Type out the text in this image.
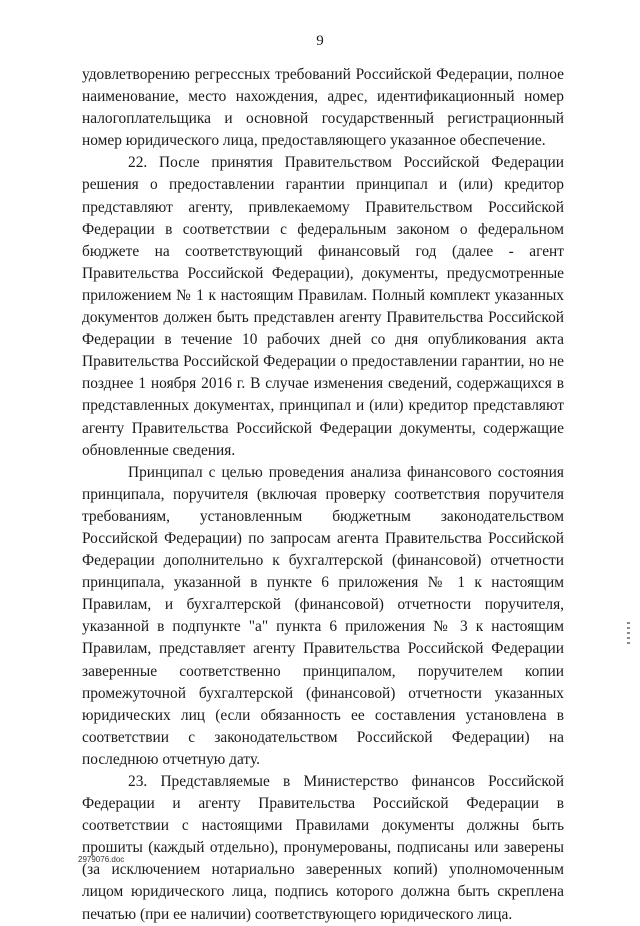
9

удовлетворению регрессных требований Российской Федерации, полное наименование, место нахождения, адрес, идентификационный номер налогоплательщика и основной государственный регистрационный номер юридического лица, предоставляющего указанное обеспечение.

22. После принятия Правительством Российской Федерации решения о предоставлении гарантии принципал и (или) кредитор представляют агенту, привлекаемому Правительством Российской Федерации в соответствии с федеральным законом о федеральном бюджете на соответствующий финансовый год (далее - агент Правительства Российской Федерации), документы, предусмотренные приложением № 1 к настоящим Правилам. Полный комплект указанных документов должен быть представлен агенту Правительства Российской Федерации в течение 10 рабочих дней со дня опубликования акта Правительства Российской Федерации о предоставлении гарантии, но не позднее 1 ноября 2016 г. В случае изменения сведений, содержащихся в представленных документах, принципал и (или) кредитор представляют агенту Правительства Российской Федерации документы, содержащие обновленные сведения.

Принципал с целью проведения анализа финансового состояния принципала, поручителя (включая проверку соответствия поручителя требованиям, установленным бюджетным законодательством Российской Федерации) по запросам агента Правительства Российской Федерации дополнительно к бухгалтерской (финансовой) отчетности принципала, указанной в пункте 6 приложения № 1 к настоящим Правилам, и бухгалтерской (финансовой) отчетности поручителя, указанной в подпункте "а" пункта 6 приложения № 3 к настоящим Правилам, представляет агенту Правительства Российской Федерации заверенные соответственно принципалом, поручителем копии промежуточной бухгалтерской (финансовой) отчетности указанных юридических лиц (если обязанность ее составления установлена в соответствии с законодательством Российской Федерации) на последнюю отчетную дату.

23. Представляемые в Министерство финансов Российской Федерации и агенту Правительства Российской Федерации в соответствии с настоящими Правилами документы должны быть прошиты (каждый отдельно), пронумерованы, подписаны или заверены (за исключением нотариально заверенных копий) уполномоченным лицом юридического лица, подпись которого должна быть скреплена печатью (при ее наличии) соответствующего юридического лица.

2979076.doc
